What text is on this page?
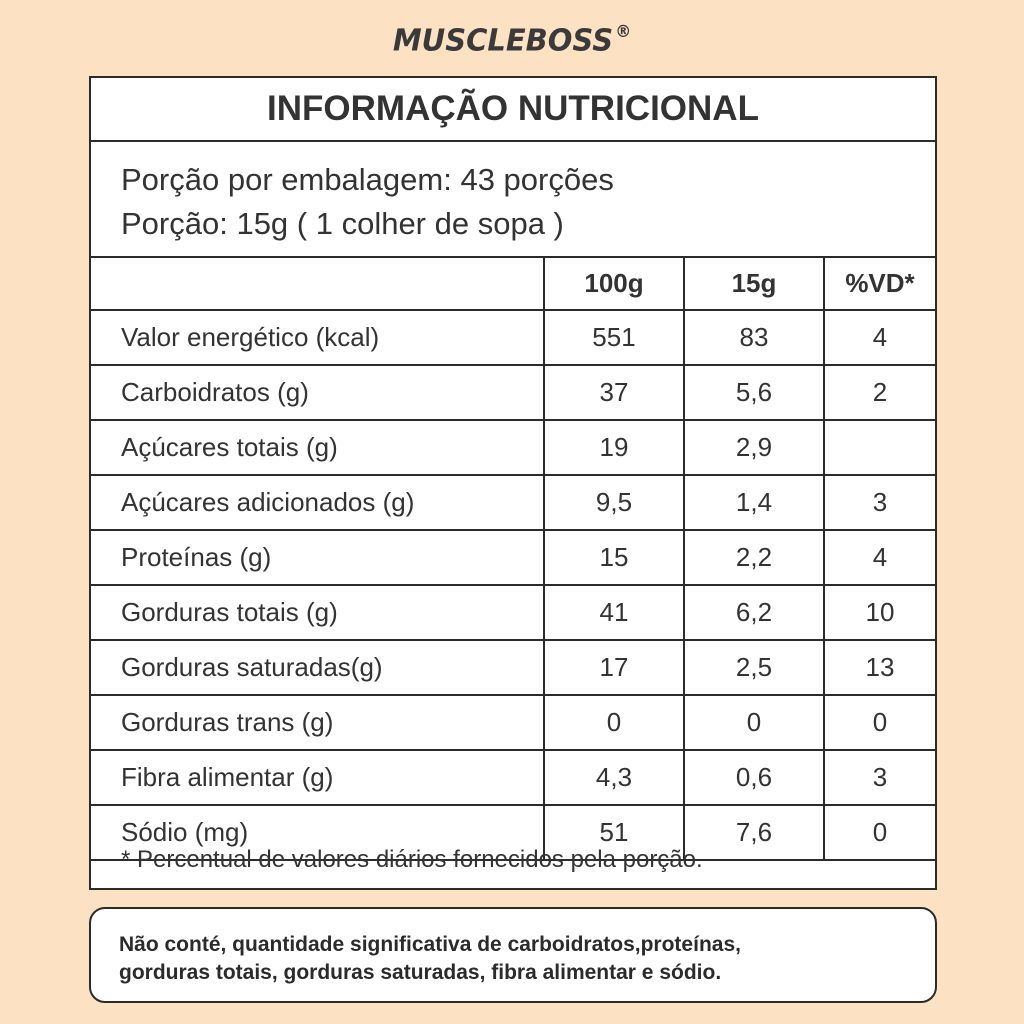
MUSCLEBOSS ®
INFORMAÇÃO NUTRICIONAL
Porção por embalagem: 43 porções
Porção: 15g ( 1 colher de sopa )
	100g	15g	%VD*
Valor energético (kcal)	551	83	4
Carboidratos (g)	37	5,6	2
Açúcares totais (g)	19	2,9	
Açúcares adicionados (g)	9,5	1,4	3
Proteínas (g)	15	2,2	4
Gorduras totais (g)	41	6,2	10
Gorduras saturadas(g)	17	2,5	13
Gorduras trans (g)	0	0	0
Fibra alimentar (g)	4,3	0,6	3
Sódio (mg)	51	7,6	0
* Percentual de valores diários fornecidos pela porção.
Não conté, quantidade significativa de carboidratos,proteínas,
gorduras totais, gorduras saturadas, fibra alimentar e sódio.
